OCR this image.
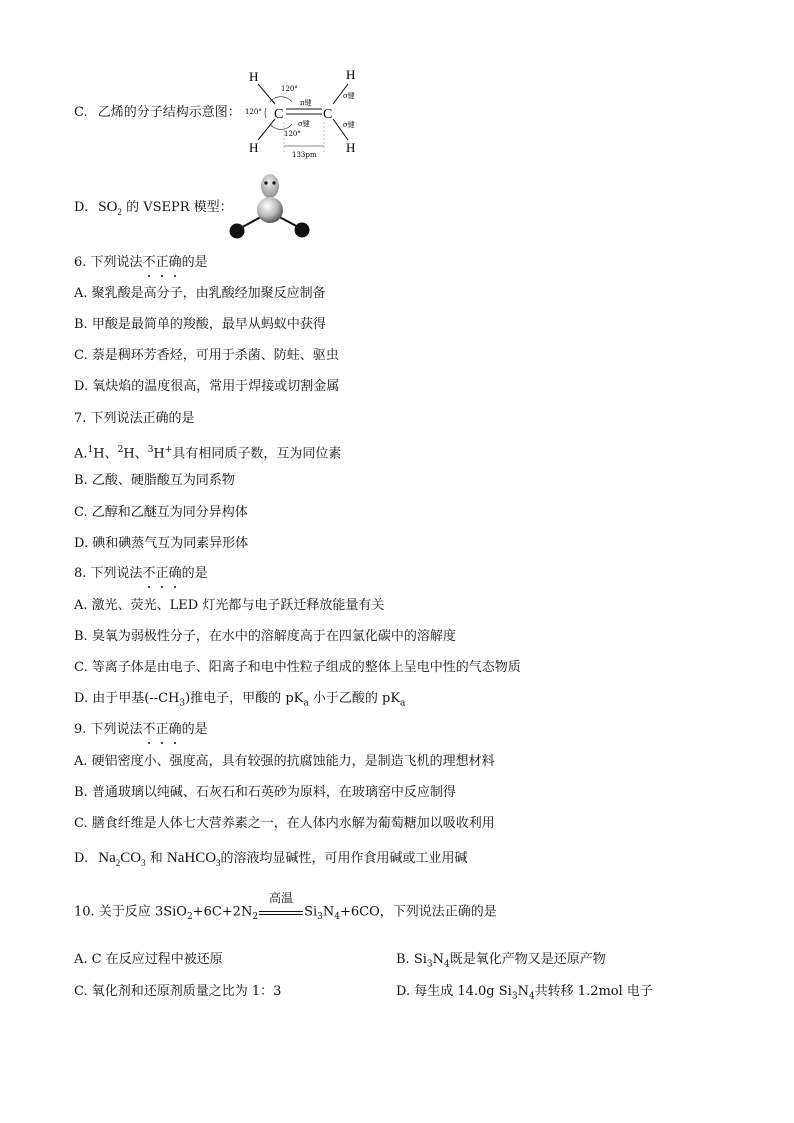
C. 乙烯的分子结构示意图：
H	H
H	H
C	C
120°
120°
120°
π键
σ键
σ键
σ键
133pm
D. $SO_2$ 的 VSEPR 模型：
6. 下列说法不正确的是
A. 聚乳酸是高分子，由乳酸经加聚反应制备
B. 甲酸是最简单的羧酸，最早从蚂蚁中获得
C. 萘是稠环芳香烃，可用于杀菌、防蛀、驱虫
D. 氧炔焰的温度很高，常用于焊接或切割金属
7. 下列说法正确的是
A.$^1$H、$^2$H、$^3$H+具有相同质子数，互为同位素
B. 乙酸、硬脂酸互为同系物
C. 乙醇和乙醚互为同分异构体
D. 碘和碘蒸气互为同素异形体
8. 下列说法不正确的是
A. 激光、荧光、LED 灯光都与电子跃迁释放能量有关
B. 臭氧为弱极性分子，在水中的溶解度高于在四氯化碳中的溶解度
C. 等离子体是由电子、阳离子和电中性粒子组成的整体上呈电中性的气态物质
D. 由于甲基$(--CH_3)$推电子，甲酸的 $pK_a$ 小于乙酸的 $pK_a$
9. 下列说法不正确的是
A. 硬铝密度小、强度高，具有较强的抗腐蚀能力，是制造飞机的理想材料
B. 普通玻璃以纯碱、石灰石和石英砂为原料，在玻璃窑中反应制得
C. 膳食纤维是人体七大营养素之一，在人体内水解为葡萄糖加以吸收利用
D. $Na_2CO_3$ 和 NaHCO$_3$的溶液均显碱性，可用作食用碱或工业用碱
10. 关于反应 $3SiO_2+6C+2N_2$
高温
$Si_3N_4+6CO$，下列说法正确的是
A. C 在反应过程中被还原	B. $Si_3N_4$既是氧化产物又是还原产物
C. 氧化剂和还原剂质量之比为 1：3	D. 每生成 14.0g $Si_3N_4$共转移 1.2mol 电子
